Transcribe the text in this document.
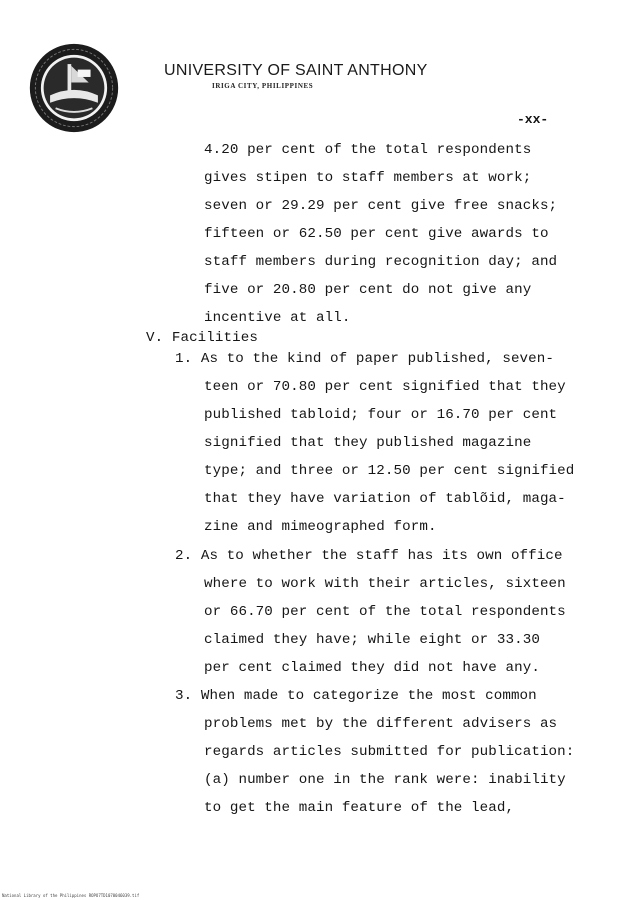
UNIVERSITY OF SAINT ANTHONY
IRIGA CITY, PHILIPPINES
-xx-
4.20 per cent of the total respondents
gives stipen to staff members at work;
seven or 29.29 per cent give free snacks;
fifteen or 62.50 per cent give awards to
staff members during recognition day; and
five or 20.80 per cent do not give any
incentive at all.
V. Facilities
1. As to the kind of paper published, seven-
teen or 70.80 per cent signified that they
published tabloid; four or 16.70 per cent
signified that they published magazine
type; and three or 12.50 per cent signified
that they have variation of tablõid, maga-
zine and mimeographed form.
2. As to whether the staff has its own office
where to work with their articles, sixteen
or 66.70 per cent of the total respondents
claimed they have; while eight or 33.30
per cent claimed they did not have any.
3. When made to categorize the most common
problems met by the different advisers as
regards articles submitted for publication:
(a) number one in the rank were: inability
to get the main feature of the lead,
National Library of the Philippines ROPO7TD1070046039.tif
